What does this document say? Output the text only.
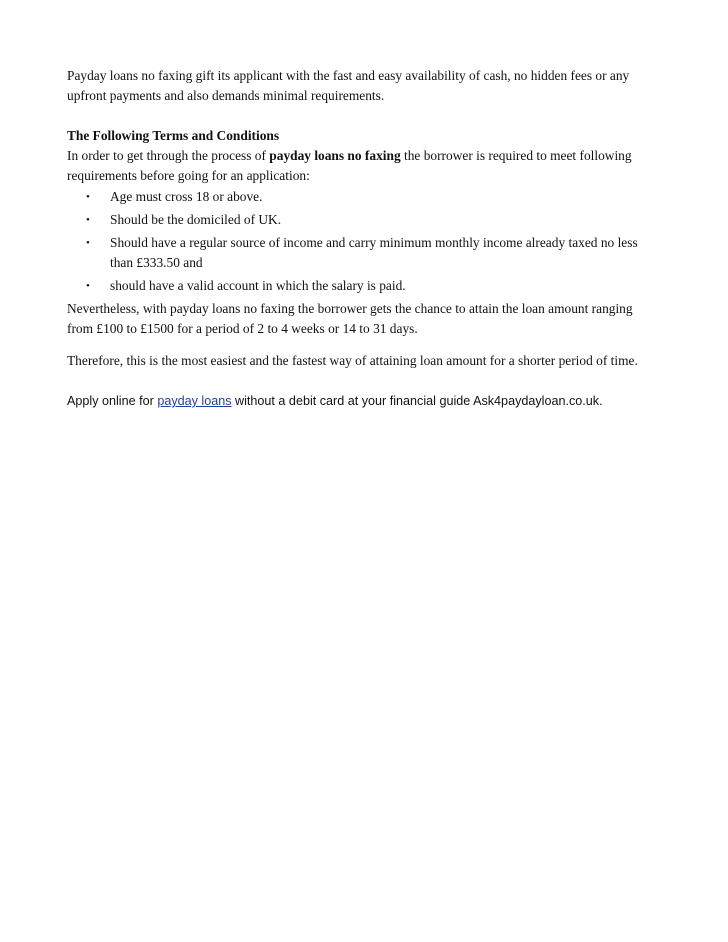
Payday loans no faxing gift its applicant with the fast and easy availability of cash, no hidden fees or any upfront payments and also demands minimal requirements.

The Following Terms and Conditions

In order to get through the process of payday loans no faxing the borrower is required to meet following requirements before going for an application:

• Age must cross 18 or above.
• Should be the domiciled of UK.
• Should have a regular source of income and carry minimum monthly income already taxed no less than £333.50 and
• should have a valid account in which the salary is paid.

Nevertheless, with payday loans no faxing the borrower gets the chance to attain the loan amount ranging from £100 to £1500 for a period of 2 to 4 weeks or 14 to 31 days.

Therefore, this is the most easiest and the fastest way of attaining loan amount for a shorter period of time.

Apply online for payday loans without a debit card at your financial guide Ask4paydayloan.co.uk.
